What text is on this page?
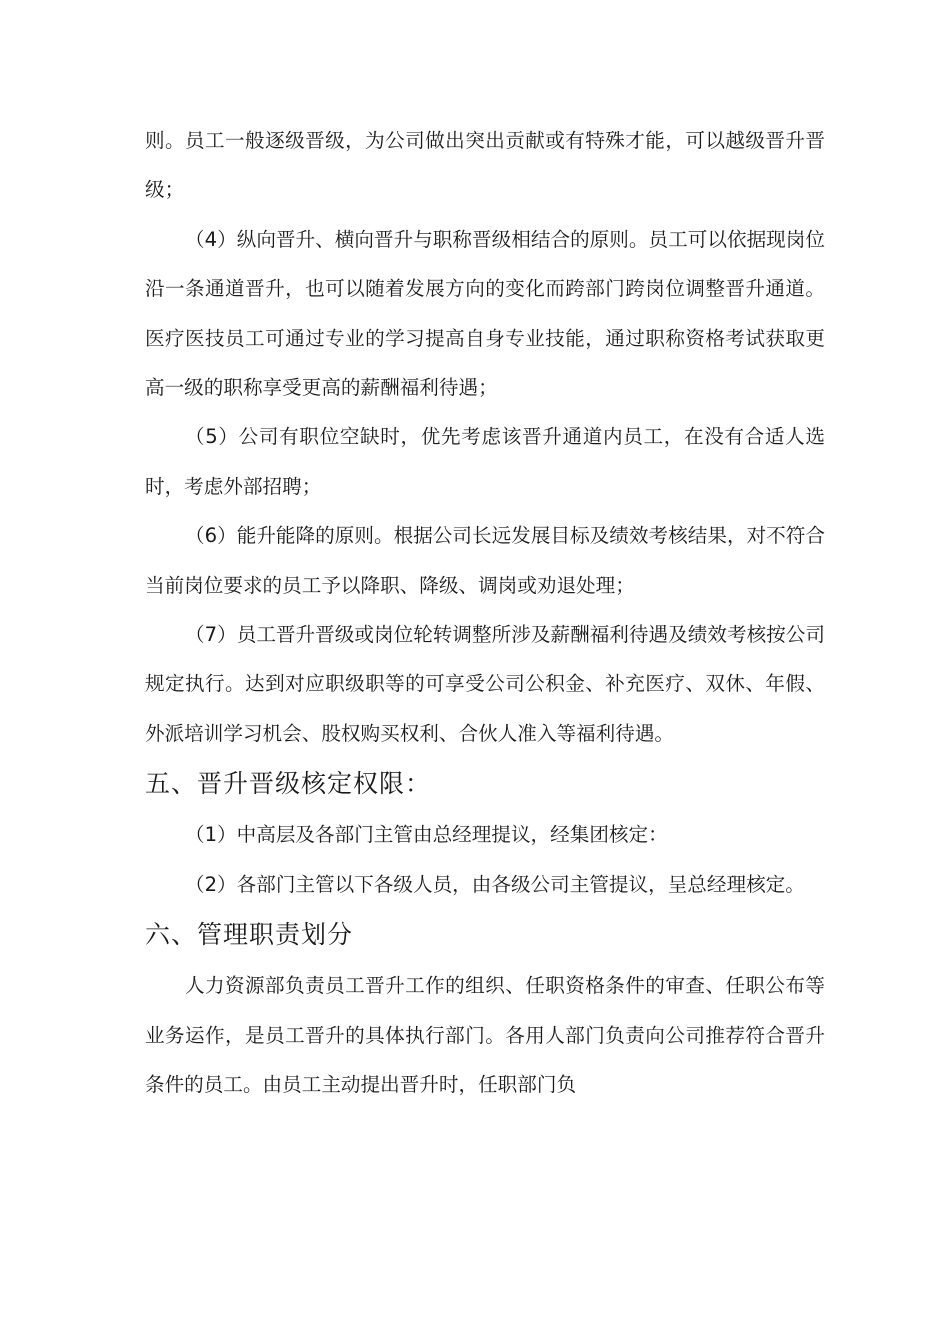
则。员工一般逐级晋级，为公司做出突出贡献或有特殊才能，可以越级晋升晋级；

（4）纵向晋升、横向晋升与职称晋级相结合的原则。员工可以依据现岗位沿一条通道晋升，也可以随着发展方向的变化而跨部门跨岗位调整晋升通道。医疗医技员工可通过专业的学习提高自身专业技能，通过职称资格考试获取更高一级的职称享受更高的薪酬福利待遇；

（5）公司有职位空缺时，优先考虑该晋升通道内员工，在没有合适人选时，考虑外部招聘；

（6）能升能降的原则。根据公司长远发展目标及绩效考核结果，对不符合当前岗位要求的员工予以降职、降级、调岗或劝退处理；

（7）员工晋升晋级或岗位轮转调整所涉及薪酬福利待遇及绩效考核按公司规定执行。达到对应职级职等的可享受公司公积金、补充医疗、双休、年假、外派培训学习机会、股权购买权利、合伙人准入等福利待遇。

五、晋升晋级核定权限：

（1）中高层及各部门主管由总经理提议，经集团核定：

（2）各部门主管以下各级人员，由各级公司主管提议，呈总经理核定。

六、管理职责划分

人力资源部负责员工晋升工作的组织、任职资格条件的审查、任职公布等业务运作，是员工晋升的具体执行部门。各用人部门负责向公司推荐符合晋升条件的员工。由员工主动提出晋升时，任职部门负
